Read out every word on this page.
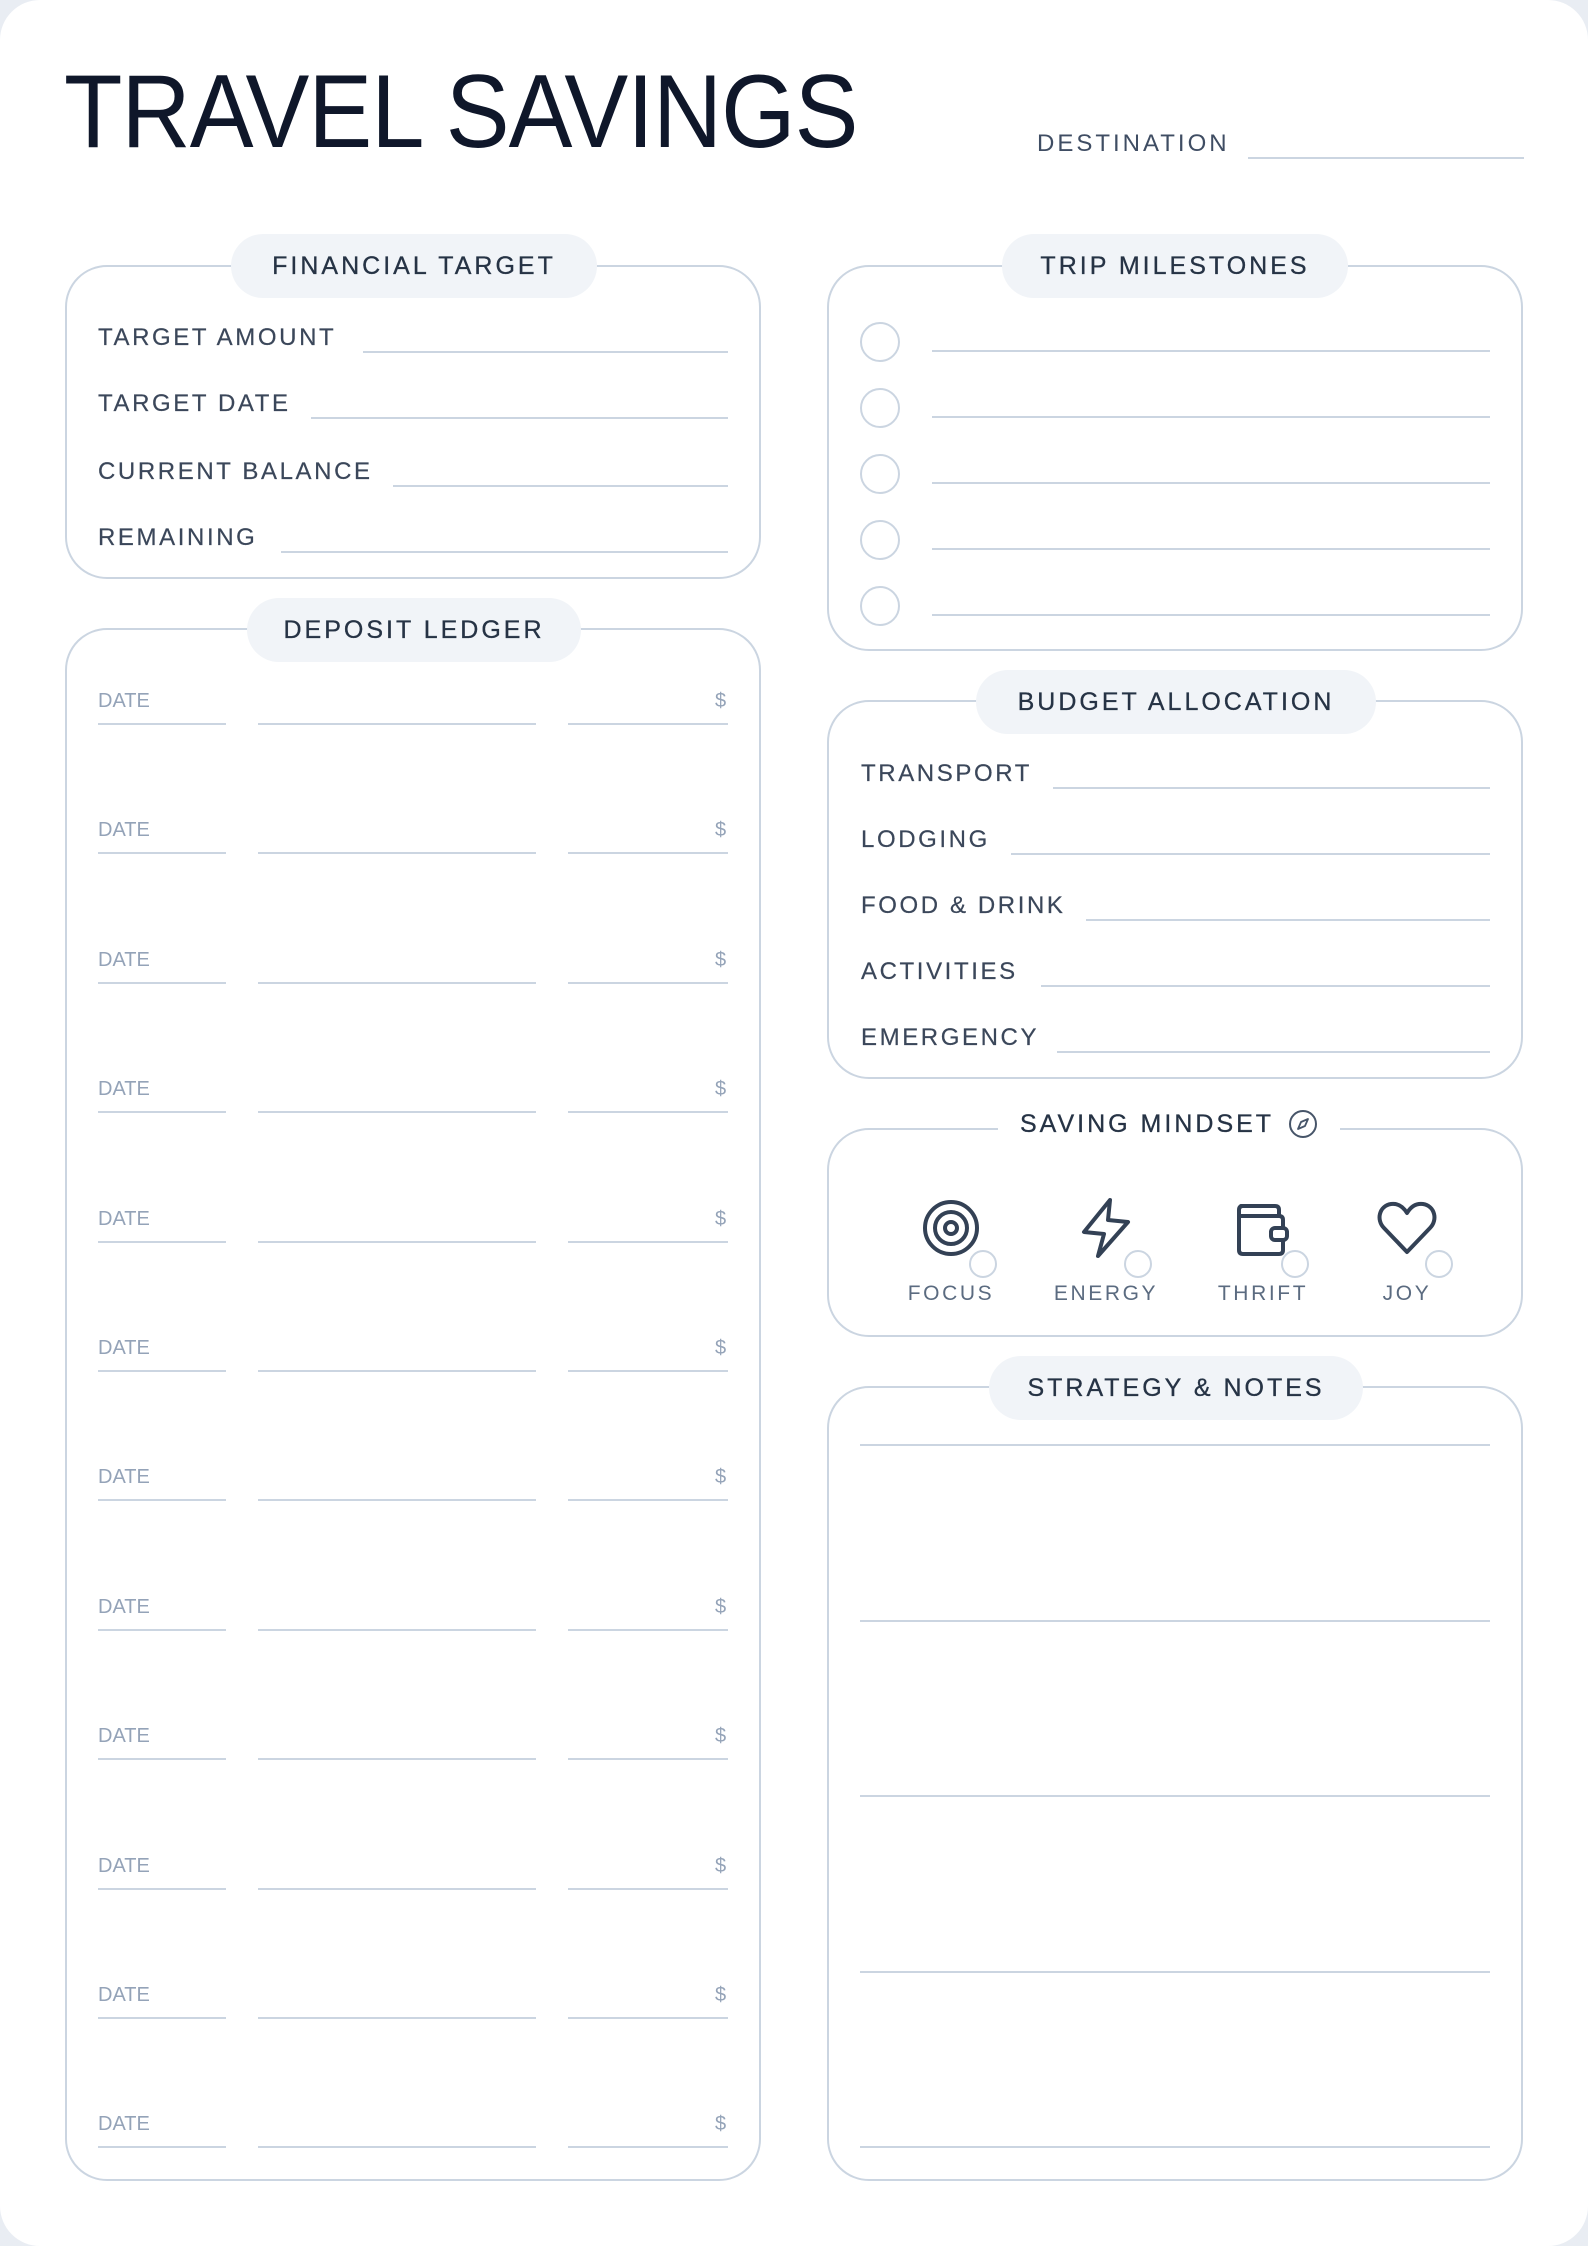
TRAVEL SAVINGS	DESTINATION
FINANCIAL TARGET
TARGET AMOUNT
TARGET DATE
CURRENT BALANCE
REMAINING
DEPOSIT LEDGER
DATE	$
DATE	$
DATE	$
DATE	$
DATE	$
DATE	$
DATE	$
DATE	$
DATE	$
DATE	$
DATE	$
DATE	$
TRIP MILESTONES
BUDGET ALLOCATION
TRANSPORT
LODGING
FOOD & DRINK
ACTIVITIES
EMERGENCY
SAVING MINDSET
FOCUS	ENERGY	THRIFT	JOY
STRATEGY & NOTES
